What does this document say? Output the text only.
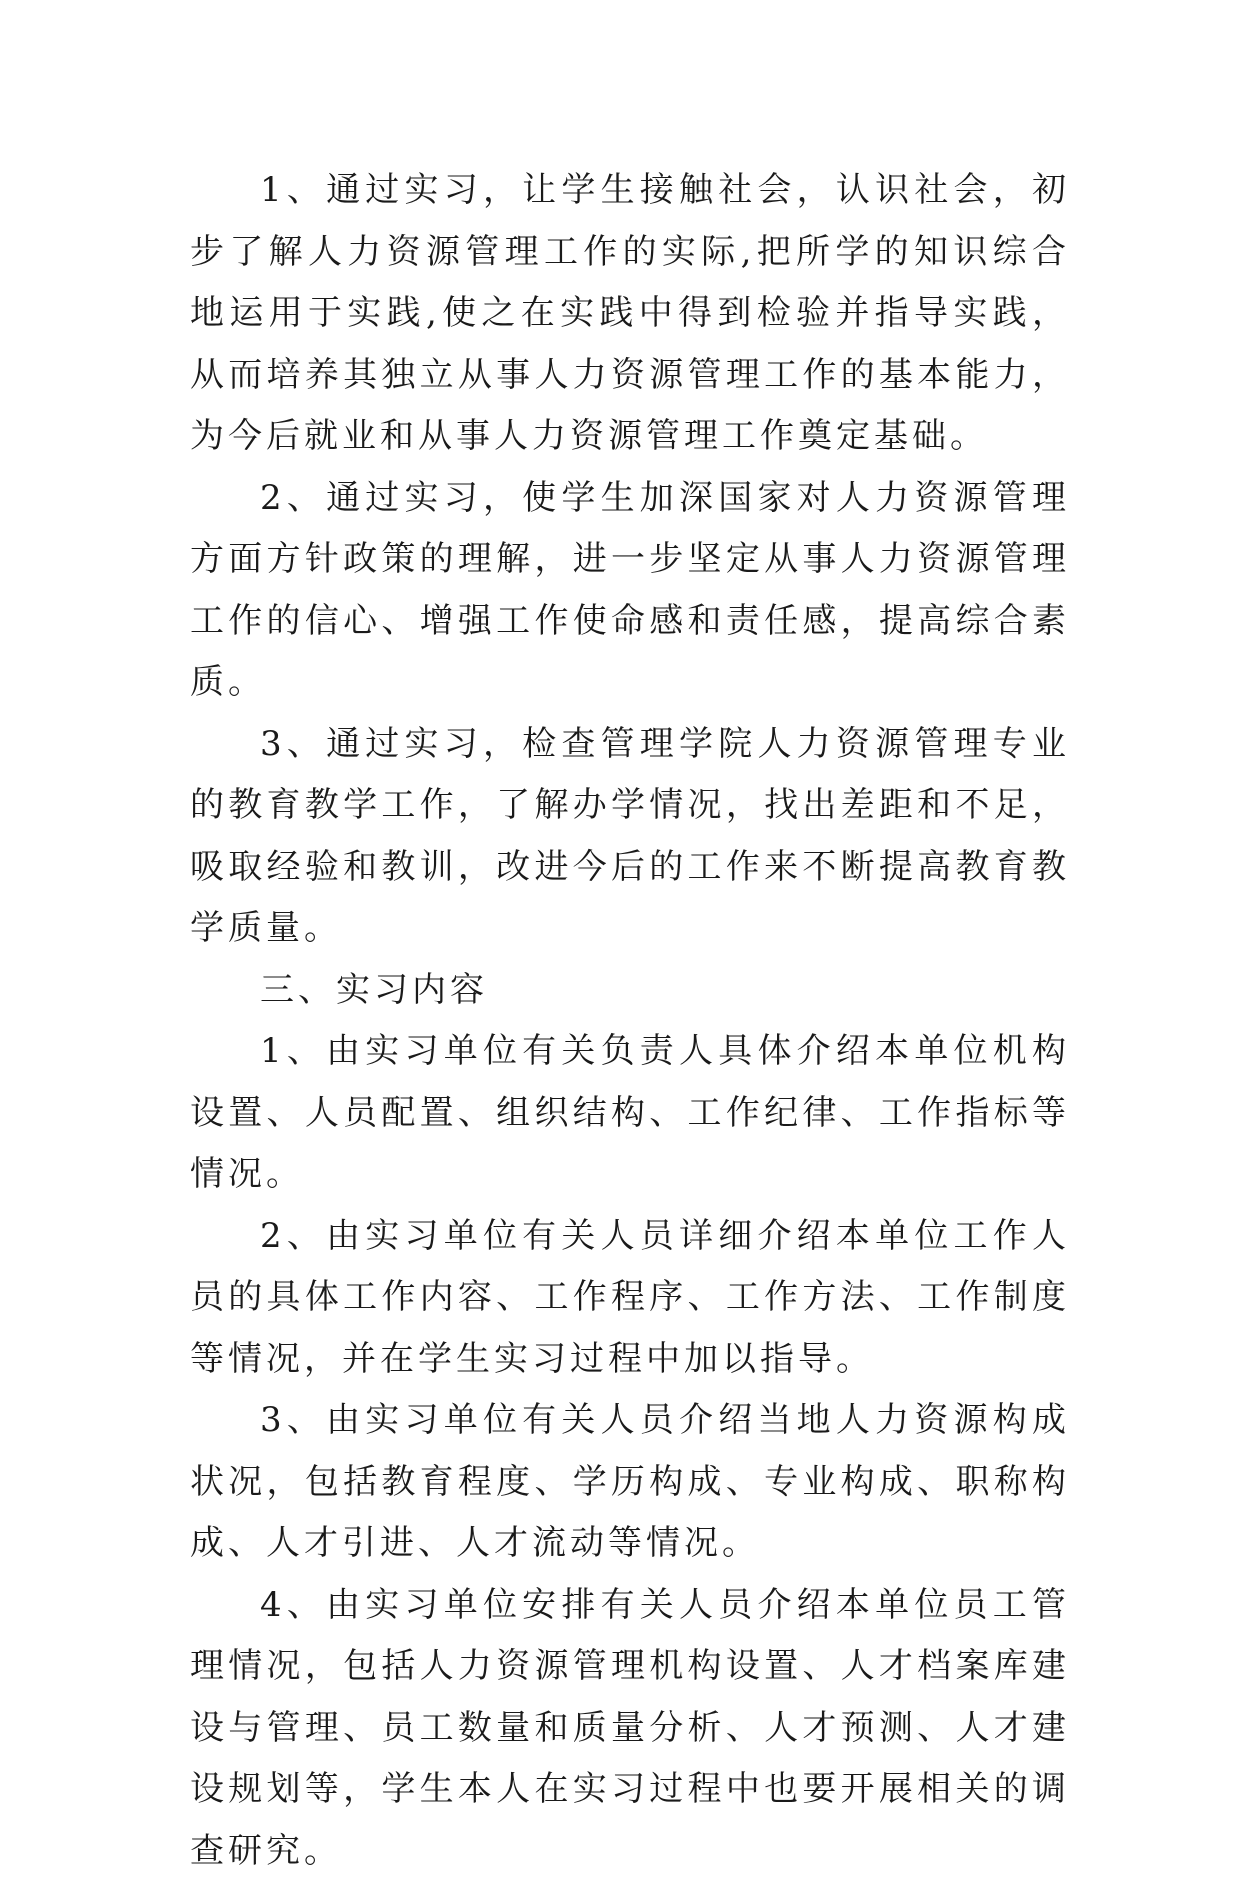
1、通过实习，让学生接触社会，认识社会，初步了解人力资源管理工作的实际,把所学的知识综合地运用于实践,使之在实践中得到检验并指导实践，从而培养其独立从事人力资源管理工作的基本能力，为今后就业和从事人力资源管理工作奠定基础。

2、通过实习，使学生加深国家对人力资源管理方面方针政策的理解，进一步坚定从事人力资源管理工作的信心、增强工作使命感和责任感，提高综合素质。

3、通过实习，检查管理学院人力资源管理专业的教育教学工作，了解办学情况，找出差距和不足，吸取经验和教训，改进今后的工作来不断提高教育教学质量。

三、实习内容

1、由实习单位有关负责人具体介绍本单位机构设置、人员配置、组织结构、工作纪律、工作指标等情况。

2、由实习单位有关人员详细介绍本单位工作人员的具体工作内容、工作程序、工作方法、工作制度等情况，并在学生实习过程中加以指导。

3、由实习单位有关人员介绍当地人力资源构成状况，包括教育程度、学历构成、专业构成、职称构成、人才引进、人才流动等情况。

4、由实习单位安排有关人员介绍本单位员工管理情况，包括人力资源管理机构设置、人才档案库建设与管理、员工数量和质量分析、人才预测、人才建设规划等，学生本人在实习过程中也要开展相关的调查研究。
